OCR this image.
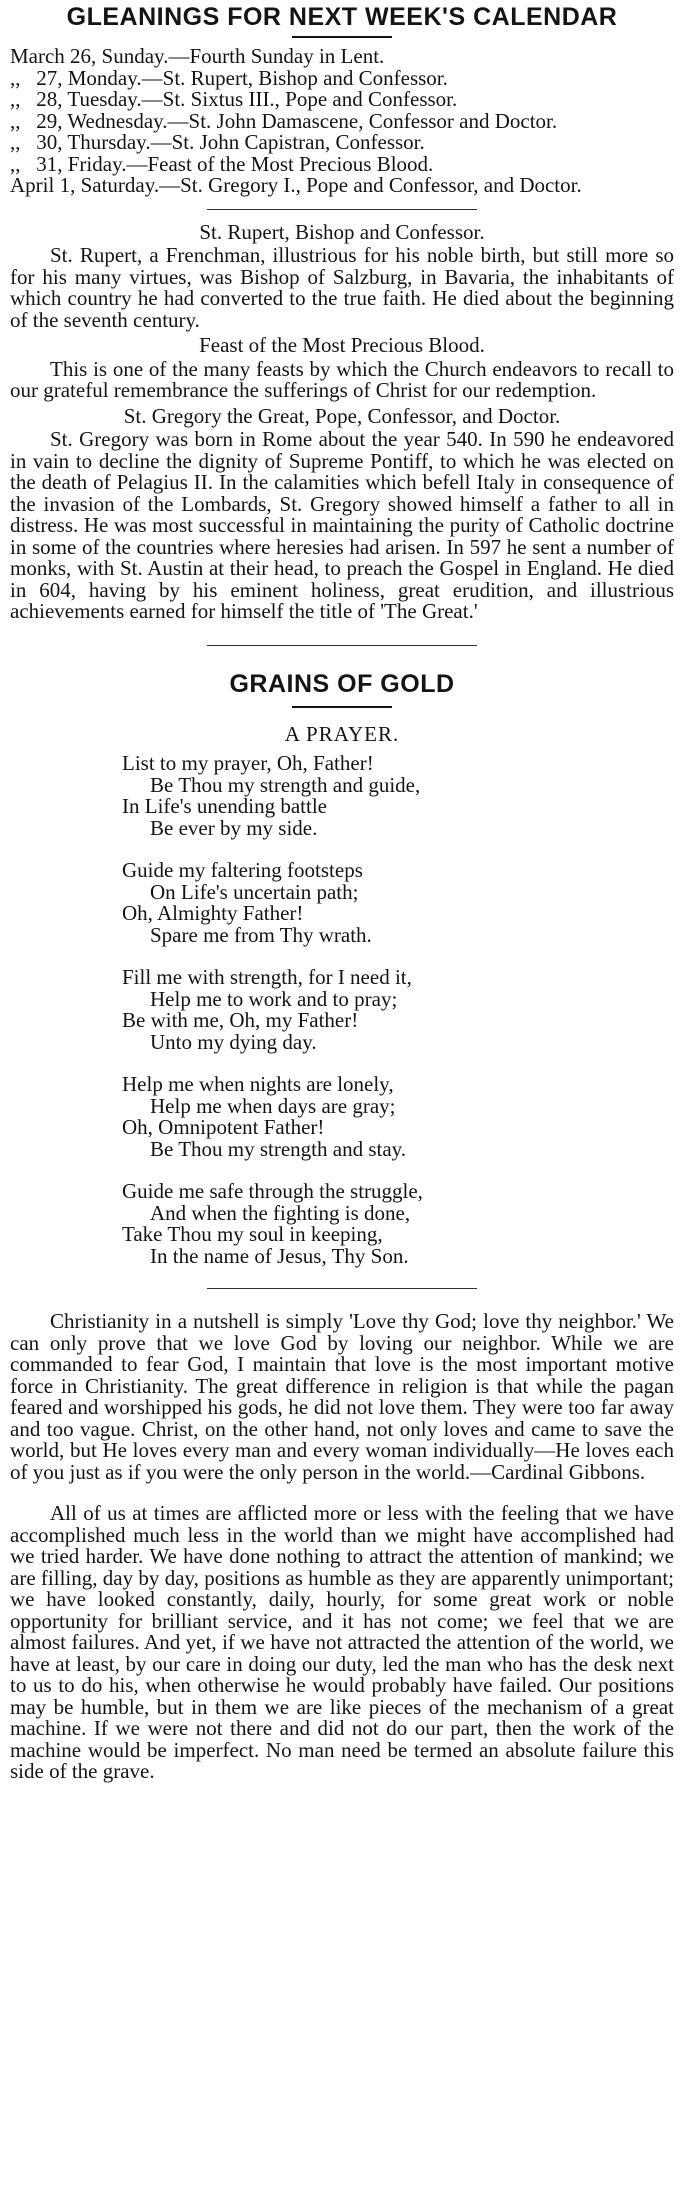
GLEANINGS FOR NEXT WEEK'S CALENDAR
March 26, Sunday. —Fourth Sunday in Lent.
,,   27, Monday. —St. Rupert, Bishop and Confessor.
,,   28, Tuesday. —St. Sixtus III., Pope and Confessor.
,,   29, Wednesday. —St. John Damascene, Confessor and Doctor.
,,   30, Thursday. —St. John Capistran, Confessor.
,,   31, Friday. —Feast of the Most Precious Blood.
April 1, Saturday. —St. Gregory I., Pope and Confessor, and Doctor.

St. Rupert, Bishop and Confessor.

St. Rupert, a Frenchman, illustrious for his noble birth, but still more so for his many virtues, was Bishop of Salzburg, in Bavaria, the inhabitants of which country he had converted to the true faith. He died about the beginning of the seventh century.

Feast of the Most Precious Blood.

This is one of the many feasts by which the Church endeavors to recall to our grateful remembrance the sufferings of Christ for our redemption.

St. Gregory the Great, Pope, Confessor, and Doctor.

St. Gregory was born in Rome about the year 540. In 590 he endeavored in vain to decline the dignity of Supreme Pontiff, to which he was elected on the death of Pelagius II. In the calamities which befell Italy in consequence of the invasion of the Lombards, St. Gregory showed himself a father to all in distress. He was most successful in maintaining the purity of Catholic doctrine in some of the countries where heresies had arisen. In 597 he sent a number of monks, with St. Austin at their head, to preach the Gospel in England. He died in 604, having by his eminent holiness, great erudition, and illustrious achievements earned for himself the title of 'The Great.'

GRAINS OF GOLD

A PRAYER.

List to my prayer, Oh, Father!
Be Thou my strength and guide,
In Life's unending battle
Be ever by my side.
Guide my faltering footsteps
On Life's uncertain path;
Oh, Almighty Father!
Spare me from Thy wrath.
Fill me with strength, for I need it,
Help me to work and to pray;
Be with me, Oh, my Father!
Unto my dying day.
Help me when nights are lonely,
Help me when days are gray;
Oh, Omnipotent Father!
Be Thou my strength and stay.
Guide me safe through the struggle,
And when the fighting is done,
Take Thou my soul in keeping,
In the name of Jesus, Thy Son.

Christianity in a nutshell is simply 'Love thy God; love thy neighbor.' We can only prove that we love God by loving our neighbor. While we are commanded to fear God, I maintain that love is the most important motive force in Christianity. The great difference in religion is that while the pagan feared and worshipped his gods, he did not love them. They were too far away and too vague. Christ, on the other hand, not only loves and came to save the world, but He loves every man and every woman individually—He loves each of you just as if you were the only person in the world.—Cardinal Gibbons.

All of us at times are afflicted more or less with the feeling that we have accomplished much less in the world than we might have accomplished had we tried harder. We have done nothing to attract the attention of mankind; we are filling, day by day, positions as humble as they are apparently unimportant; we have looked constantly, daily, hourly, for some great work or noble opportunity for brilliant service, and it has not come; we feel that we are almost failures. And yet, if we have not attracted the attention of the world, we have at least, by our care in doing our duty, led the man who has the desk next to us to do his, when otherwise he would probably have failed. Our positions may be humble, but in them we are like pieces of the mechanism of a great machine. If we were not there and did not do our part, then the work of the machine would be imperfect. No man need be termed an absolute failure this side of the grave.
